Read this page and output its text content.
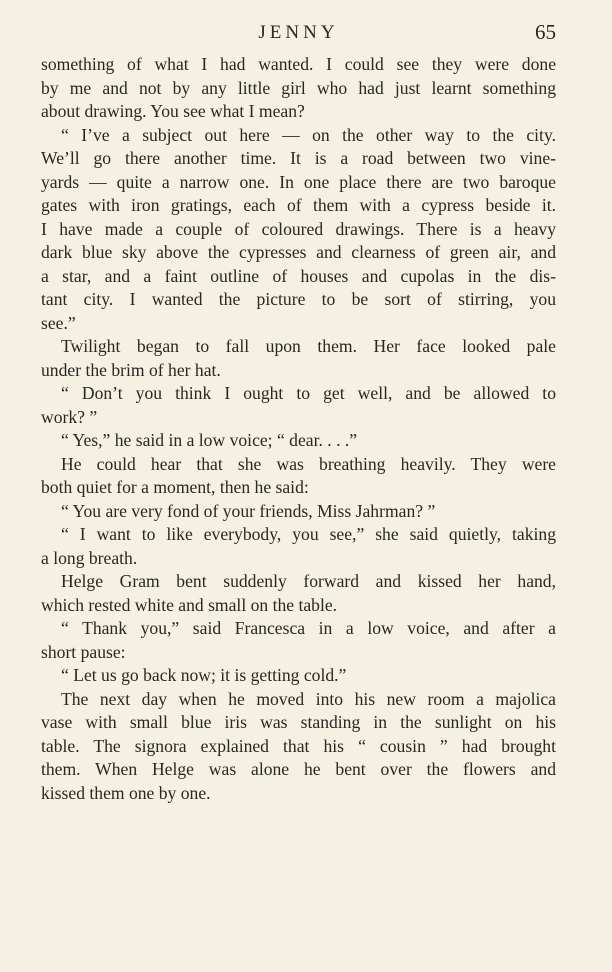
JENNY	65
something of what I had wanted. I could see they were done
by me and not by any little girl who had just learnt something
about drawing. You see what I mean?
“ I’ve a subject out here — on the other way to the city.
We’ll go there another time. It is a road between two vine-
yards — quite a narrow one. In one place there are two baroque
gates with iron gratings, each of them with a cypress beside it.
I have made a couple of coloured drawings. There is a heavy
dark blue sky above the cypresses and clearness of green air, and
a star, and a faint outline of houses and cupolas in the dis-
tant city. I wanted the picture to be sort of stirring, you
see.”
Twilight began to fall upon them. Her face looked pale
under the brim of her hat.
“ Don’t you think I ought to get well, and be allowed to
work? ”
“ Yes,” he said in a low voice; “ dear. . . .”
He could hear that she was breathing heavily. They were
both quiet for a moment, then he said:
“ You are very fond of your friends, Miss Jahrman? ”
“ I want to like everybody, you see,” she said quietly, taking
a long breath.
Helge Gram bent suddenly forward and kissed her hand,
which rested white and small on the table.
“ Thank you,” said Francesca in a low voice, and after a
short pause:
“ Let us go back now; it is getting cold.”
The next day when he moved into his new room a majolica
vase with small blue iris was standing in the sunlight on his
table. The signora explained that his “ cousin ” had brought
them. When Helge was alone he bent over the flowers and
kissed them one by one.
